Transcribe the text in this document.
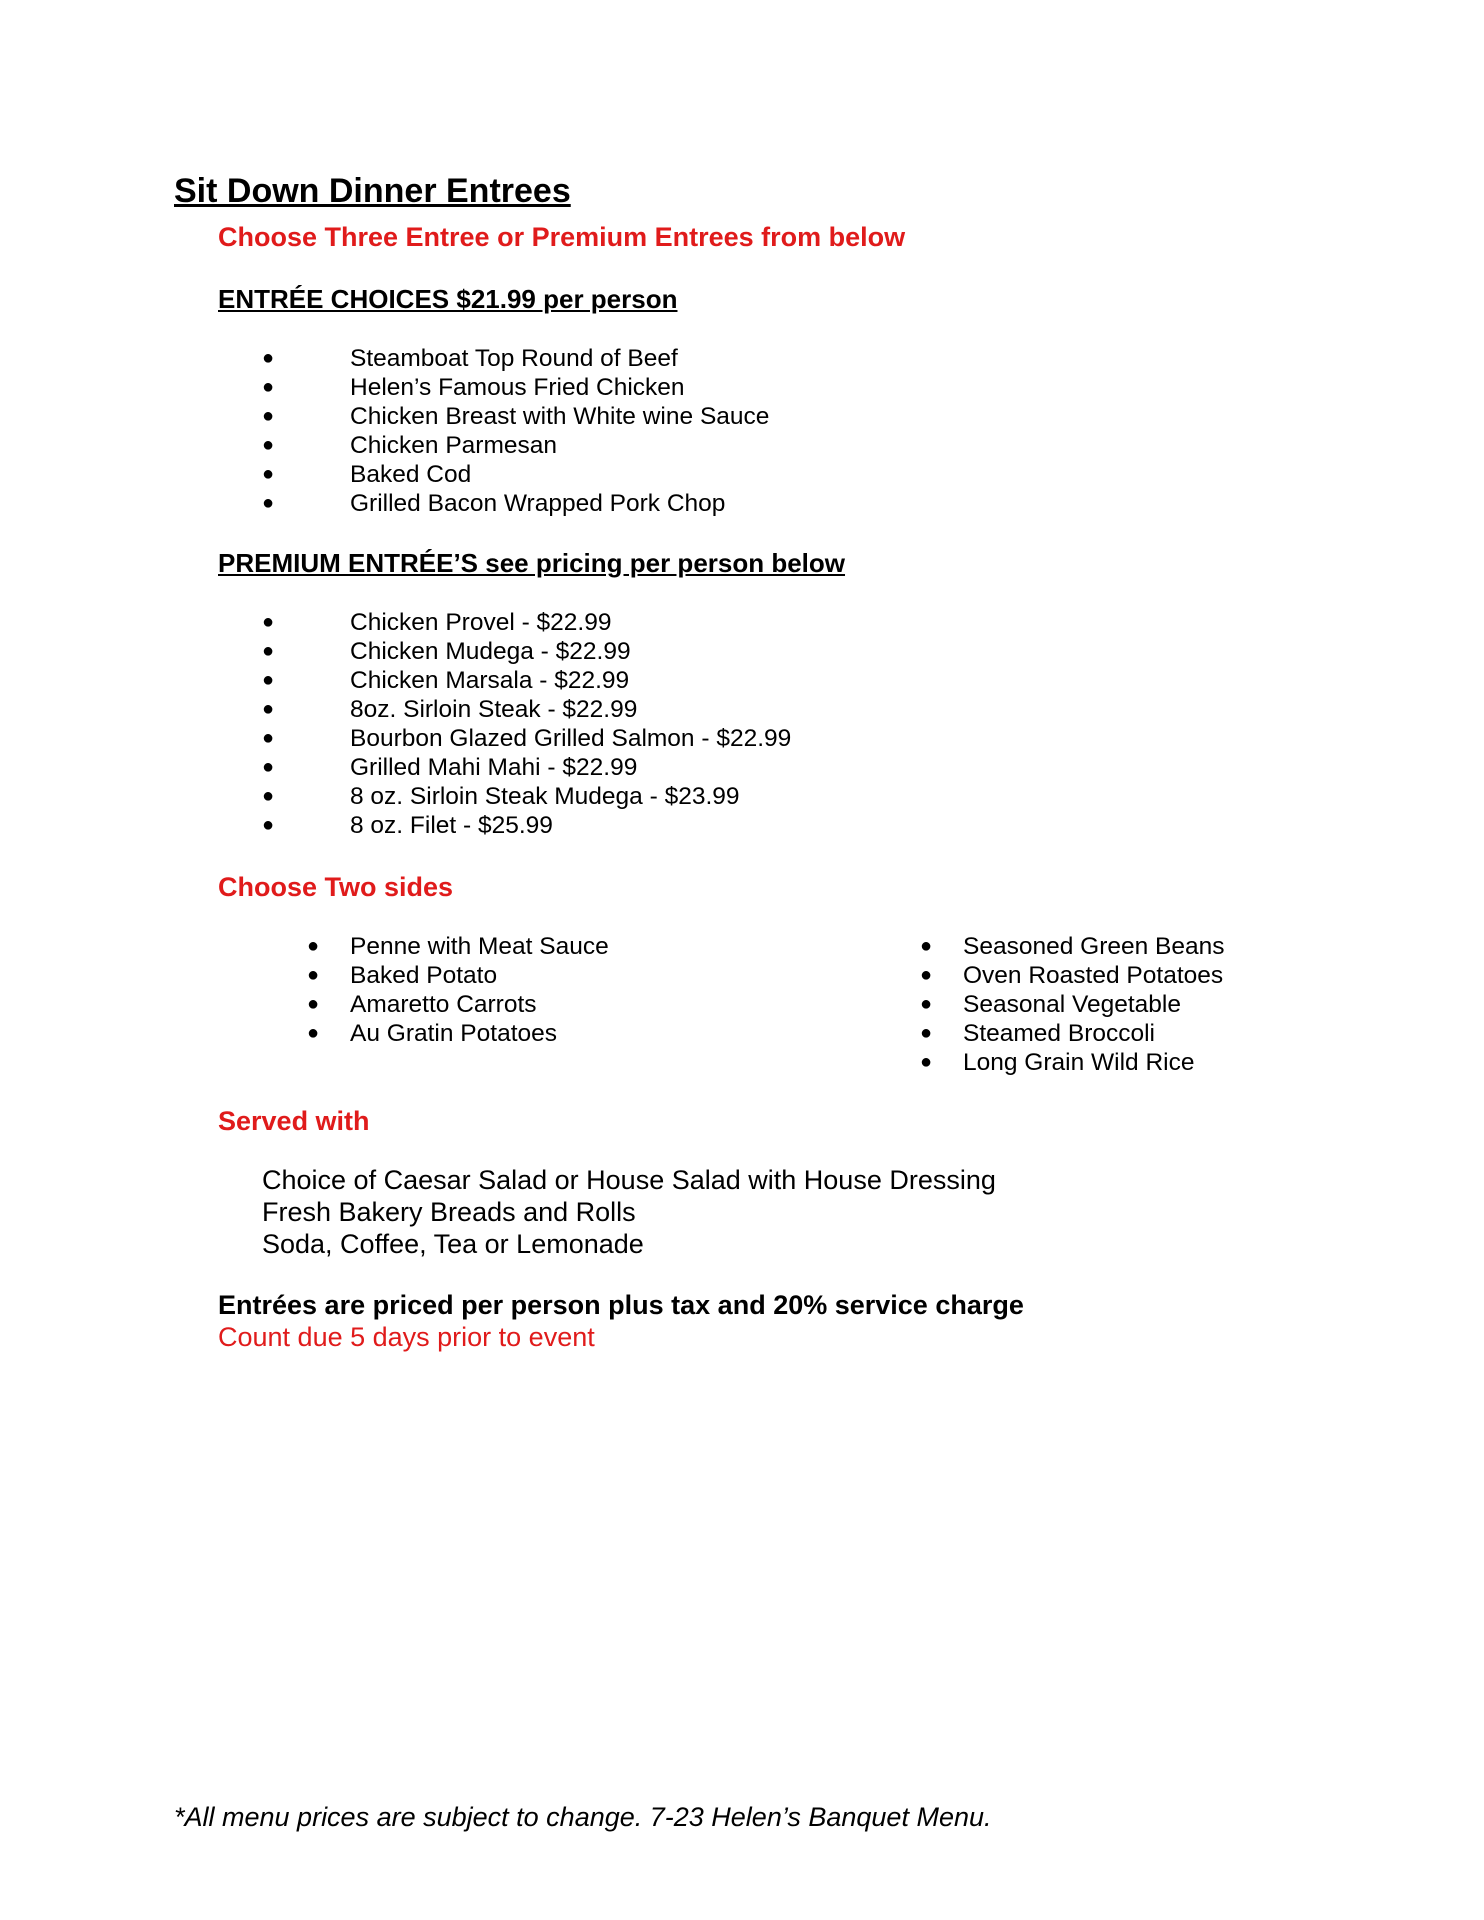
Sit Down Dinner Entrees

Choose Three Entree or Premium Entrees from below

ENTRÉE CHOICES $21.99 per person

●	Steamboat Top Round of Beef
●	Helen’s Famous Fried Chicken
●	Chicken Breast with White wine Sauce
●	Chicken Parmesan
●	Baked Cod
●	Grilled Bacon Wrapped Pork Chop

PREMIUM ENTRÉE’S see pricing per person below

●	Chicken Provel - $22.99
●	Chicken Mudega - $22.99
●	Chicken Marsala - $22.99
●	8oz. Sirloin Steak - $22.99
●	Bourbon Glazed Grilled Salmon - $22.99
●	Grilled Mahi Mahi - $22.99
●	8 oz. Sirloin Steak Mudega - $23.99
●	8 oz. Filet - $25.99

Choose Two sides

● Penne with Meat Sauce
● Baked Potato
● Amaretto Carrots
● Au Gratin Potatoes
● Seasoned Green Beans
● Oven Roasted Potatoes
● Seasonal Vegetable
● Steamed Broccoli
● Long Grain Wild Rice

Served with

Choice of Caesar Salad or House Salad with House Dressing
Fresh Bakery Breads and Rolls
Soda, Coffee, Tea or Lemonade

Entrées are priced per person plus tax and 20% service charge

Count due 5 days prior to event

*All menu prices are subject to change. 7-23 Helen’s Banquet Menu.
